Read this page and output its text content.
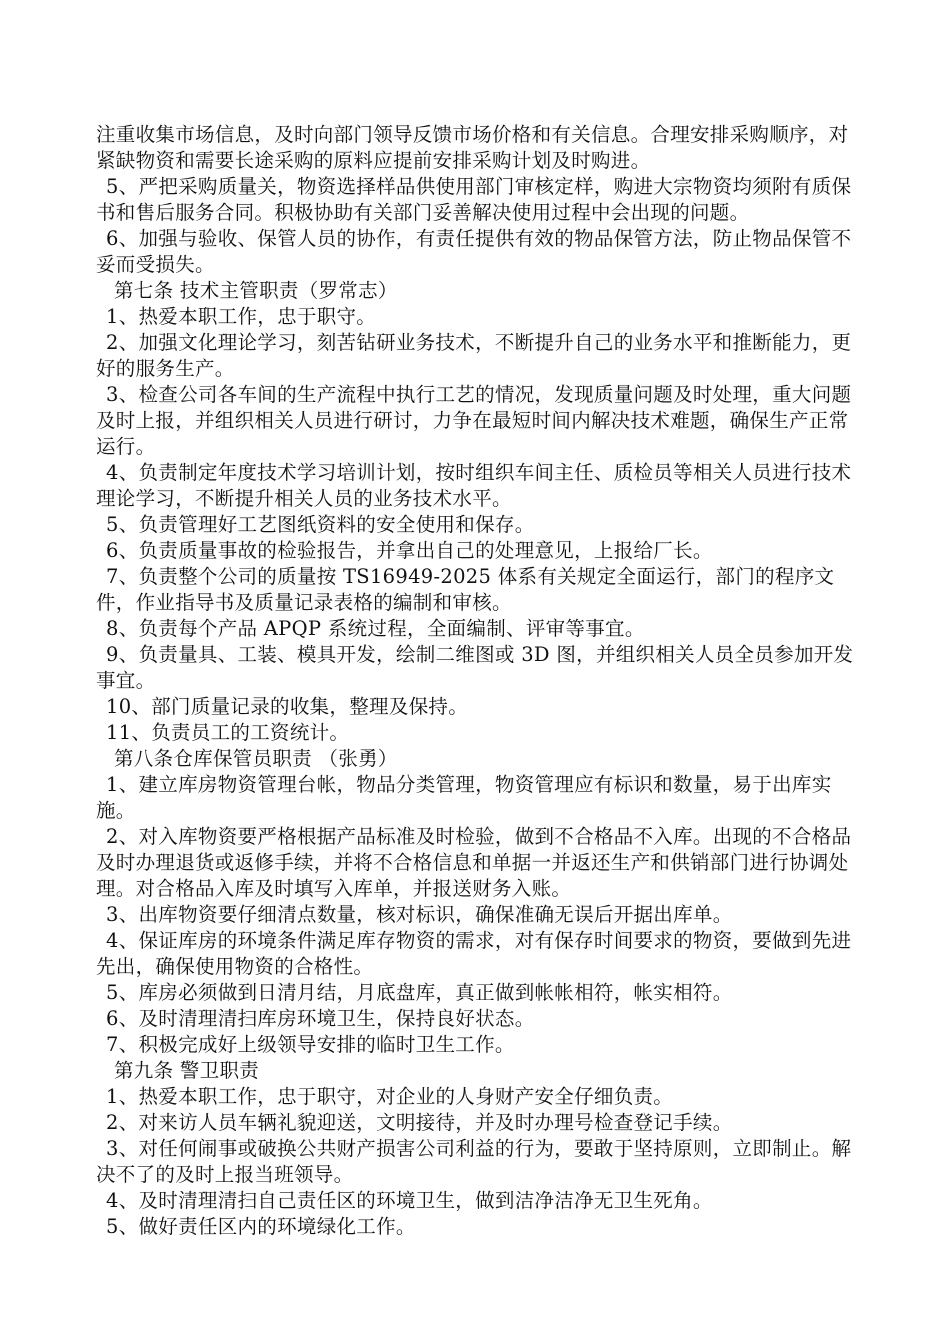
注重收集市场信息，及时向部门领导反馈市场价格和有关信息。合理安排采购顺序，对紧缺物资和需要长途采购的原料应提前安排采购计划及时购进。

5、严把采购质量关，物资选择样品供使用部门审核定样，购进大宗物资均须附有质保书和售后服务合同。积极协助有关部门妥善解决使用过程中会出现的问题。

6、加强与验收、保管人员的协作，有责任提供有效的物品保管方法，防止物品保管不妥而受损失。

第七条 技术主管职责（罗常志）

1、热爱本职工作，忠于职守。

2、加强文化理论学习，刻苦钻研业务技术，不断提升自己的业务水平和推断能力，更好的服务生产。

3、检查公司各车间的生产流程中执行工艺的情况，发现质量问题及时处理，重大问题及时上报，并组织相关人员进行研讨，力争在最短时间内解决技术难题，确保生产正常运行。

4、负责制定年度技术学习培训计划，按时组织车间主任、质检员等相关人员进行技术理论学习，不断提升相关人员的业务技术水平。

5、负责管理好工艺图纸资料的安全使用和保存。

6、负责质量事故的检验报告，并拿出自己的处理意见，上报给厂长。

7、负责整个公司的质量按 TS16949-2025 体系有关规定全面运行，部门的程序文件，作业指导书及质量记录表格的编制和审核。

8、负责每个产品 APQP 系统过程，全面编制、评审等事宜。

9、负责量具、工装、模具开发，绘制二维图或 3D 图，并组织相关人员全员参加开发事宜。

10、部门质量记录的收集，整理及保持。

11、负责员工的工资统计。

第八条仓库保管员职责 （张勇）

1、建立库房物资管理台帐，物品分类管理，物资管理应有标识和数量，易于出库实施。

2、对入库物资要严格根据产品标准及时检验，做到不合格品不入库。出现的不合格品及时办理退货或返修手续，并将不合格信息和单据一并返还生产和供销部门进行协调处理。对合格品入库及时填写入库单，并报送财务入账。

3、出库物资要仔细清点数量，核对标识，确保准确无误后开据出库单。

4、保证库房的环境条件满足库存物资的需求，对有保存时间要求的物资，要做到先进先出，确保使用物资的合格性。

5、库房必须做到日清月结，月底盘库，真正做到帐帐相符，帐实相符。

6、及时清理清扫库房环境卫生，保持良好状态。

7、积极完成好上级领导安排的临时卫生工作。

第九条 警卫职责

1、热爱本职工作，忠于职守，对企业的人身财产安全仔细负责。

2、对来访人员车辆礼貌迎送，文明接待，并及时办理号检查登记手续。

3、对任何闹事或破换公共财产损害公司利益的行为，要敢于坚持原则，立即制止。解决不了的及时上报当班领导。

4、及时清理清扫自己责任区的环境卫生，做到洁净洁净无卫生死角。

5、做好责任区内的环境绿化工作。
